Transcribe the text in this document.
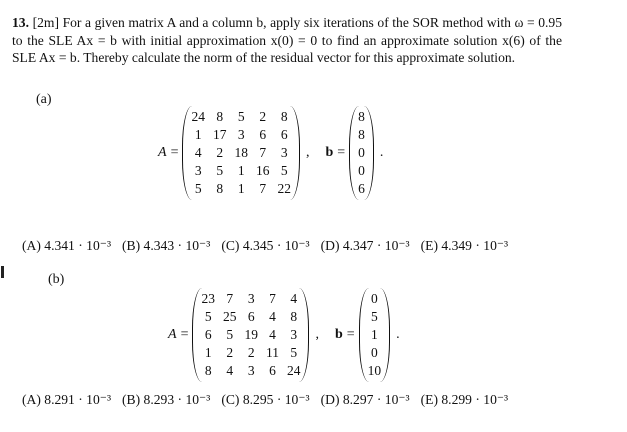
13. [2m] For a given matrix A and a column b, apply six iterations of the SOR method with ω = 0.95 to the SLE Ax = b with initial approximation x(0) = 0 to find an approximate solution x(6) of the SLE Ax = b. Thereby calculate the norm of the residual vector for this approximate solution.
(a)
A =
24 8	5	2	8
1 17 3	6	6
4	2 18 7	3
3	5	1 16 5
5	8	1	7 22
, b =
8
8
0
0
6
.
(A) 4.341 · 10⁻³ (B) 4.343 · 10⁻³ (C) 4.345 · 10⁻³ (D) 4.347 · 10⁻³ (E) 4.349 · 10⁻³
(b)
A =
23 7	3	7	4
5 25 6	4	8
6	5 19 4	3
1	2	2 11 5
8	4	3	6 24
, b =
0
5
1
0
10
.
(A) 8.291 · 10⁻³ (B) 8.293 · 10⁻³ (C) 8.295 · 10⁻³ (D) 8.297 · 10⁻³ (E) 8.299 · 10⁻³
